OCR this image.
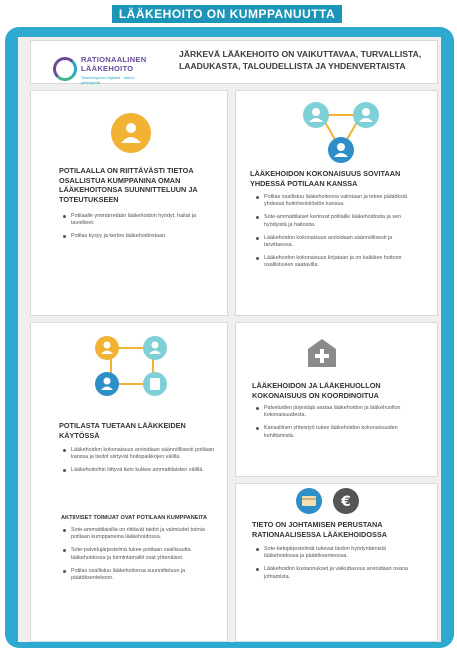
LÄÄKEHOITO ON KUMPPANUUTTA
RATIONAALINEN
LÄÄKEHOITO
Toimeenpano-ohjelma · tietoa · yhteistyötä
JÄRKEVÄ LÄÄKEHOITO ON VAIKUTTAVAA, TURVALLISTA, LAADUKASTA, TALOUDELLISTA JA YHDENVERTAISTA
POTILAALLA ON RIITTÄVÄSTI TIETOA OSALLISTUA KUMPPANINA OMAN LÄÄKEHOITONSA SUUNNITTELUUN JA TOTEUTUKSEEN
Potilaalle ymmärretään lääkehoidon hyödyt, haitat ja tavoitteet.
Potilas kysyy ja kertoo lääkehoidostaan.
LÄÄKEHOIDON KOKONAISUUS SOVITAAN YHDESSÄ POTILAAN KANSSA
Potilas osallistuu lääkehoitonsa valintaan ja tekee päätöksiä yhdessä hoitohenkilöstön kanssa.
Sote-ammattilaiset kertovat potilaille lääkehoidosta ja sen hyödyistä ja haitoista.
Lääkehoidon kokonaisuus arvioidaan säännöllisesti ja tarvittaessa.
Lääkehoidon kokonaisuus kirjataan ja on kaikkien hoitoon osallistuvien saatavilla.
POTILASTA TUETAAN LÄÄKKEIDEN KÄYTÖSSÄ
Lääkehoidon kokonaisuus arvioidaan säännöllisesti potilaan kanssa ja tiedot siirtyvät hoitopaikkojen välillä.
Lääkehoitoihin liittyvä tieto kulkee ammattilaisten välillä.
AKTIIVISET TOIMIJAT OVAT POTILAAN KUMPPANEITA
Sote-ammattilaisilla on riittävät taidot ja valmiudet toimia potilaan kumppaneina lääkehoidossa.
Sote-palvelujärjestelmä tukee potilaan osallisuutta lääkehoidossa ja toimintamallit ovat yhtenäiset.
Potilas osallistuu lääkehoitonsa suunnitteluun ja päätöksentekoon.
LÄÄKEHOIDON JA LÄÄKEHUOLLON KOKONAISUUS ON KOORDINOITUA
Palveluiden järjestäjä vastaa lääkehoidon ja lääkehuollon kokonaisuudesta.
Kansallinen yhteistyö tukee lääkehoidon kokonaisuuden kehittämistä.
€
TIETO ON JOHTAMISEN PERUSTANA RATIONAALISESSA LÄÄKEHOIDOSSA
Sote-tietojärjestelmät tukevat tiedon hyödyntämistä lääkehoidossa ja päätöksenteossa.
Lääkehoidon kustannukset ja vaikuttavuus arvioidaan osana johtamista.
